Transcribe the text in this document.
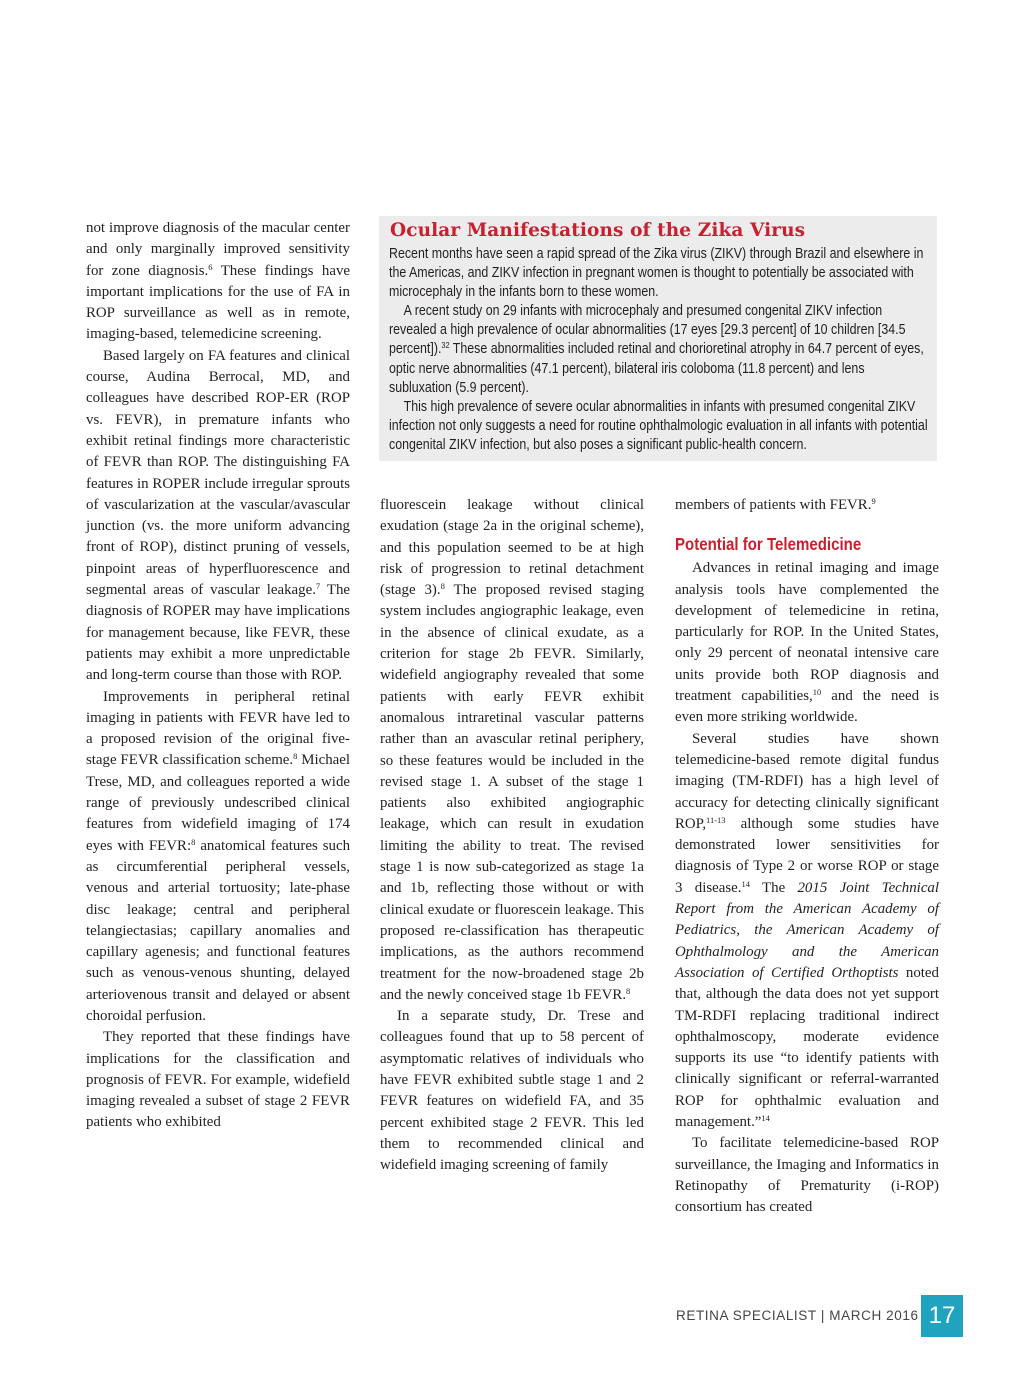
not improve diagnosis of the macular center and only marginally improved sensitivity for zone diagnosis.$^6$ These findings have important implications for the use of FA in ROP surveillance as well as in remote, imaging-based, telemedicine screening.

Based largely on FA features and clinical course, Audina Berrocal, MD, and colleagues have described ROP-ER (ROP vs. FEVR), in premature infants who exhibit retinal findings more characteristic of FEVR than ROP. The distinguishing FA features in ROPER include irregular sprouts of vascularization at the vascular/avascular junction (vs. the more uniform advancing front of ROP), distinct pruning of vessels, pinpoint areas of hyperfluorescence and segmental areas of vascular leakage.$^7$ The diagnosis of ROPER may have implications for management because, like FEVR, these patients may exhibit a more unpredictable and long-term course than those with ROP.

Improvements in peripheral retinal imaging in patients with FEVR have led to a proposed revision of the original five-stage FEVR classification scheme.$^8$ Michael Trese, MD, and colleagues reported a wide range of previously undescribed clinical features from widefield imaging of 174 eyes with FEVR:$^8$ anatomical features such as circumferential peripheral vessels, venous and arterial tortuosity; late-phase disc leakage; central and peripheral telangiectasias; capillary anomalies and capillary agenesis; and functional features such as venous-venous shunting, delayed arteriovenous transit and delayed or absent choroidal perfusion.

They reported that these findings have implications for the classification and prognosis of FEVR. For example, widefield imaging revealed a subset of stage 2 FEVR patients who exhibited

Ocular Manifestations of the Zika Virus

Recent months have seen a rapid spread of the Zika virus (ZIKV) through Brazil and elsewhere in the Americas, and ZIKV infection in pregnant women is thought to potentially be associated with microcephaly in the infants born to these women.

A recent study on 29 infants with microcephaly and presumed congenital ZIKV infection revealed a high prevalence of ocular abnormalities (17 eyes [29.3 percent] of 10 children [34.5 percent]).$^{32}$ These abnormalities included retinal and chorioretinal atrophy in 64.7 percent of eyes, optic nerve abnormalities (47.1 percent), bilateral iris coloboma (11.8 percent) and lens subluxation (5.9 percent).

This high prevalence of severe ocular abnormalities in infants with presumed congenital ZIKV infection not only suggests a need for routine ophthalmologic evaluation in all infants with potential congenital ZIKV infection, but also poses a significant public-health concern.

fluorescein leakage without clinical exudation (stage 2a in the original scheme), and this population seemed to be at high risk of progression to retinal detachment (stage 3).$^8$ The proposed revised staging system includes angiographic leakage, even in the absence of clinical exudate, as a criterion for stage 2b FEVR. Similarly, widefield angiography revealed that some patients with early FEVR exhibit anomalous intraretinal vascular patterns rather than an avascular retinal periphery, so these features would be included in the revised stage 1. A subset of the stage 1 patients also exhibited angiographic leakage, which can result in exudation limiting the ability to treat. The revised stage 1 is now sub-categorized as stage 1a and 1b, reflecting those without or with clinical exudate or fluorescein leakage. This proposed re-classification has therapeutic implications, as the authors recommend treatment for the now-broadened stage 2b and the newly conceived stage 1b FEVR.$^8$

In a separate study, Dr. Trese and colleagues found that up to 58 percent of asymptomatic relatives of individuals who have FEVR exhibited subtle stage 1 and 2 FEVR features on widefield FA, and 35 percent exhibited stage 2 FEVR. This led them to recommended clinical and widefield imaging screening of family

members of patients with FEVR.$^9$

Potential for Telemedicine

Advances in retinal imaging and image analysis tools have complemented the development of telemedicine in retina, particularly for ROP. In the United States, only 29 percent of neonatal intensive care units provide both ROP diagnosis and treatment capabilities,$^{10}$ and the need is even more striking worldwide.

Several studies have shown telemedicine-based remote digital fundus imaging (TM-RDFI) has a high level of accuracy for detecting clinically significant ROP,$^{11-13}$ although some studies have demonstrated lower sensitivities for diagnosis of Type 2 or worse ROP or stage 3 disease.$^{14}$ The 2015 Joint Technical Report from the American Academy of Pediatrics, the American Academy of Ophthalmology and the American Association of Certified Orthoptists noted that, although the data does not yet support TM-RDFI replacing traditional indirect ophthalmoscopy, moderate evidence supports its use “to identify patients with clinically significant or referral-warranted ROP for ophthalmic evaluation and management.”$^{14}$

To facilitate telemedicine-based ROP surveillance, the Imaging and Informatics in Retinopathy of Prematurity (i-ROP) consortium has created

RETINA SPECIALIST | MARCH 2016 17
